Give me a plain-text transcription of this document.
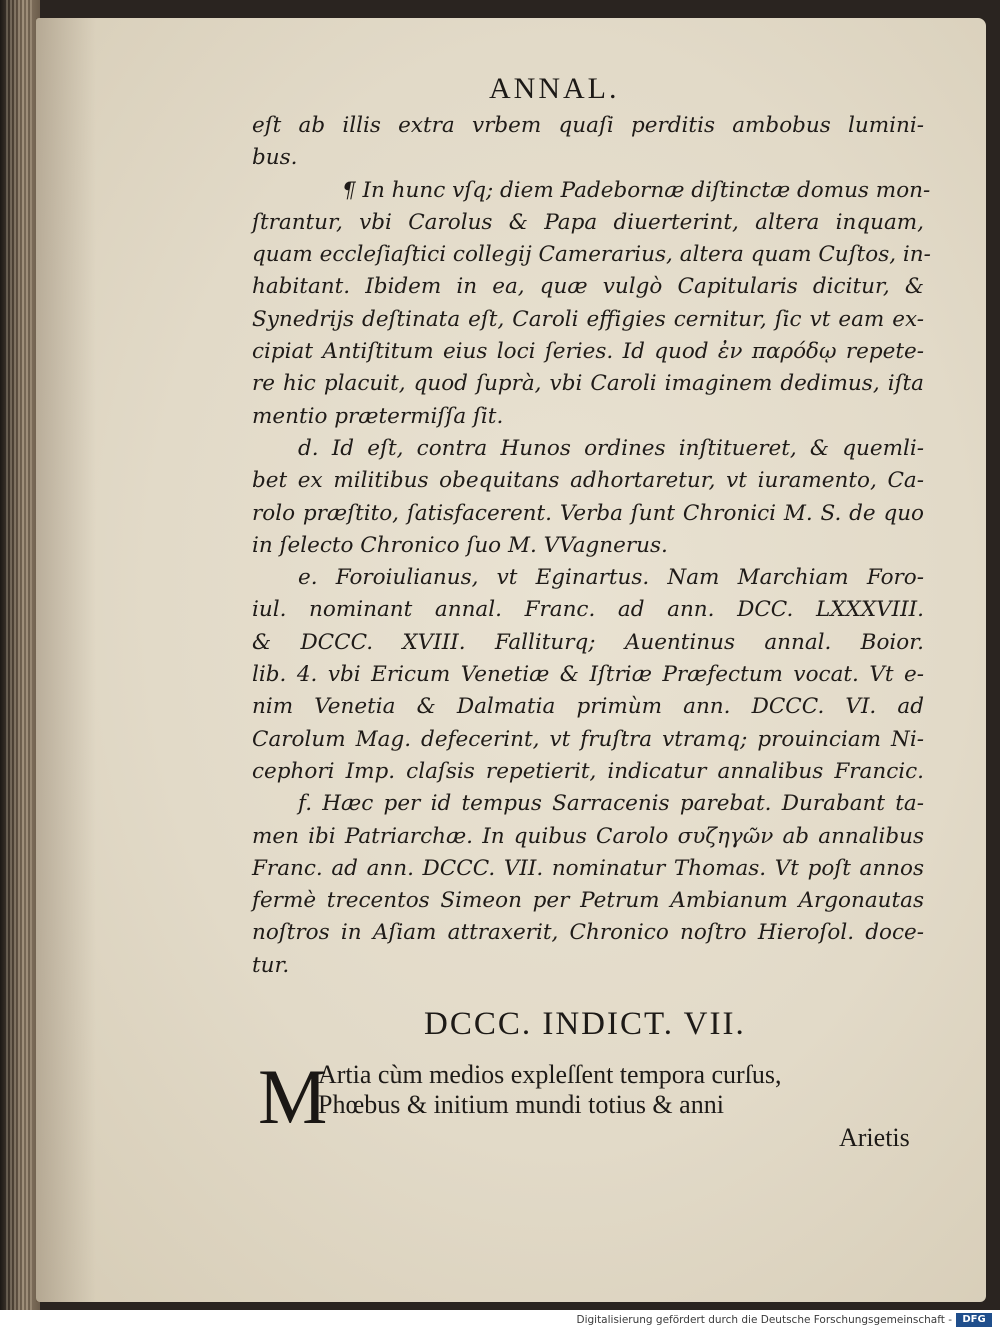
ANNAL.
eſt ab illis extra vrbem quaſi perditis ambobus lumini-
bus.
¶ In hunc vſq; diem Padebornæ diſtinctæ domus mon-
ſtrantur, vbi Carolus & Papa diuerterint, altera inquam,
quam eccleſiaſtici collegij Camerarius, altera quam Cuſtos, in-
habitant. Ibidem in ea, quæ vulgò Capitularis dicitur, &
Synedrijs deſtinata eſt, Caroli effigies cernitur, ſic vt eam ex-
cipiat Antiſtitum eius loci ſeries. Id quod ἐν παρόδῳ repete-
re hic placuit, quod ſuprà, vbi Caroli imaginem dedimus, iſta
mentio prætermiſſa ſit.
d. Id eſt, contra Hunos ordines inſtitueret, & quemli-
bet ex militibus obequitans adhortaretur, vt iuramento, Ca-
rolo præſtito, ſatisfacerent. Verba ſunt Chronici M. S. de quo
in ſelecto Chronico ſuo M. VVagnerus.
e. Foroiulianus, vt Eginartus. Nam Marchiam Foro-
iul. nominant annal. Franc. ad ann. DCC. LXXXVIII.
& DCCC. XVIII. Falliturq; Auentinus annal. Boior.
lib. 4. vbi Ericum Venetiæ & Iſtriæ Præfectum vocat. Vt e-
nim Venetia & Dalmatia primùm ann. DCCC. VI. ad
Carolum Mag. defecerint, vt fruſtra vtramq; prouinciam Ni-
cephori Imp. claſsis repetierit, indicatur annalibus Francic.
f. Hæc per id tempus Sarracenis parebat. Durabant ta-
men ibi Patriarchæ. In quibus Carolo συζηγῶν ab annalibus
Franc. ad ann. DCCC. VII. nominatur Thomas. Vt poſt annos
fermè trecentos Simeon per Petrum Ambianum Argonautas
noſtros in Aſiam attraxerit, Chronico noſtro Hieroſol. doce-
tur.
DCCC. INDICT. VII.
M
Artia cùm medios expleſſent tempora curſus,
Phœbus & initium mundi totius & anni
Arietis
Digitalisierung gefördert durch die Deutsche Forschungsgemeinschaft -	DFG
